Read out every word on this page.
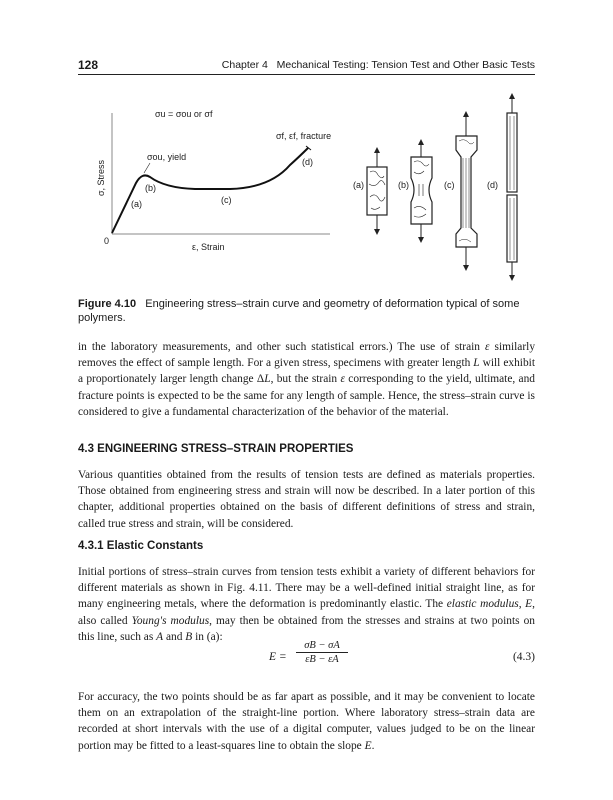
128	Chapter 4   Mechanical Testing: Tension Test and Other Basic Tests
σ, Stress
ε, Strain
0
σu = σou or σf
σf, εf, fracture
σou, yield
(a)
(b)
(c)
(d)
(a)	(b)	(c)	(d)
Figure 4.10 Engineering stress–strain curve and geometry of deformation typical of some polymers.
in the laboratory measurements, and other such statistical errors.) The use of strain ε similarly removes the effect of sample length. For a given stress, specimens with greater length L will exhibit a proportionately larger length change ΔL, but the strain ε corresponding to the yield, ultimate, and fracture points is expected to be the same for any length of sample. Hence, the stress–strain curve is considered to give a fundamental characterization of the behavior of the material.
4.3 ENGINEERING STRESS–STRAIN PROPERTIES
Various quantities obtained from the results of tension tests are defined as materials properties. Those obtained from engineering stress and strain will now be described. In a later portion of this chapter, additional properties obtained on the basis of different definitions of stress and strain, called true stress and strain, will be considered.
4.3.1 Elastic Constants
Initial portions of stress–strain curves from tension tests exhibit a variety of different behaviors for different materials as shown in Fig. 4.11. There may be a well-defined initial straight line, as for many engineering metals, where the deformation is predominantly elastic. The elastic modulus, E, also called Young's modulus, may then be obtained from the stresses and strains at two points on this line, such as A and B in (a):
$E = \frac{\sigma B - \sigma A}{\varepsilon B - \varepsilon A}$	(4.3)
For accuracy, the two points should be as far apart as possible, and it may be convenient to locate them on an extrapolation of the straight-line portion. Where laboratory stress–strain data are recorded at short intervals with the use of a digital computer, values judged to be on the linear portion may be fitted to a least-squares line to obtain the slope E.
